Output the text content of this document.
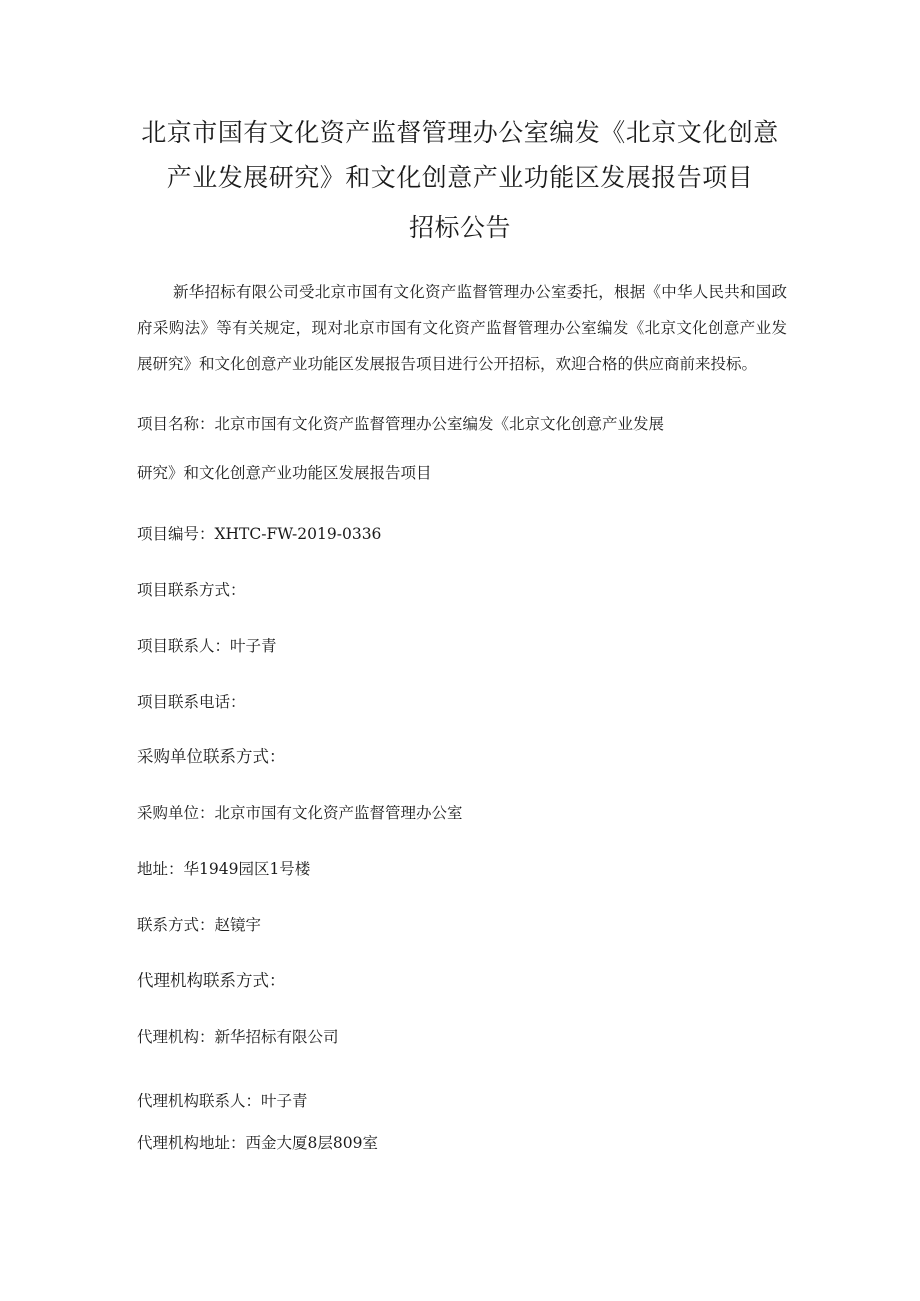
北京市国有文化资产监督管理办公室编发《北京文化创意
产业发展研究》和文化创意产业功能区发展报告项目
招标公告
新华招标有限公司受北京市国有文化资产监督管理办公室委托，根据《中华人民共和国政府采购法》等有关规定，现对北京市国有文化资产监督管理办公室编发《北京文化创意产业发展研究》和文化创意产业功能区发展报告项目进行公开招标，欢迎合格的供应商前来投标。
项目名称：北京市国有文化资产监督管理办公室编发《北京文化创意产业发展
研究》和文化创意产业功能区发展报告项目
项目编号：XHTC-FW-2019-0336
项目联系方式：
项目联系人：叶子青
项目联系电话：
采购单位联系方式：
采购单位：北京市国有文化资产监督管理办公室
地址：华1949园区1号楼
联系方式：赵镜宇
代理机构联系方式：
代理机构：新华招标有限公司
代理机构联系人：叶子青
代理机构地址：西金大厦8层809室
